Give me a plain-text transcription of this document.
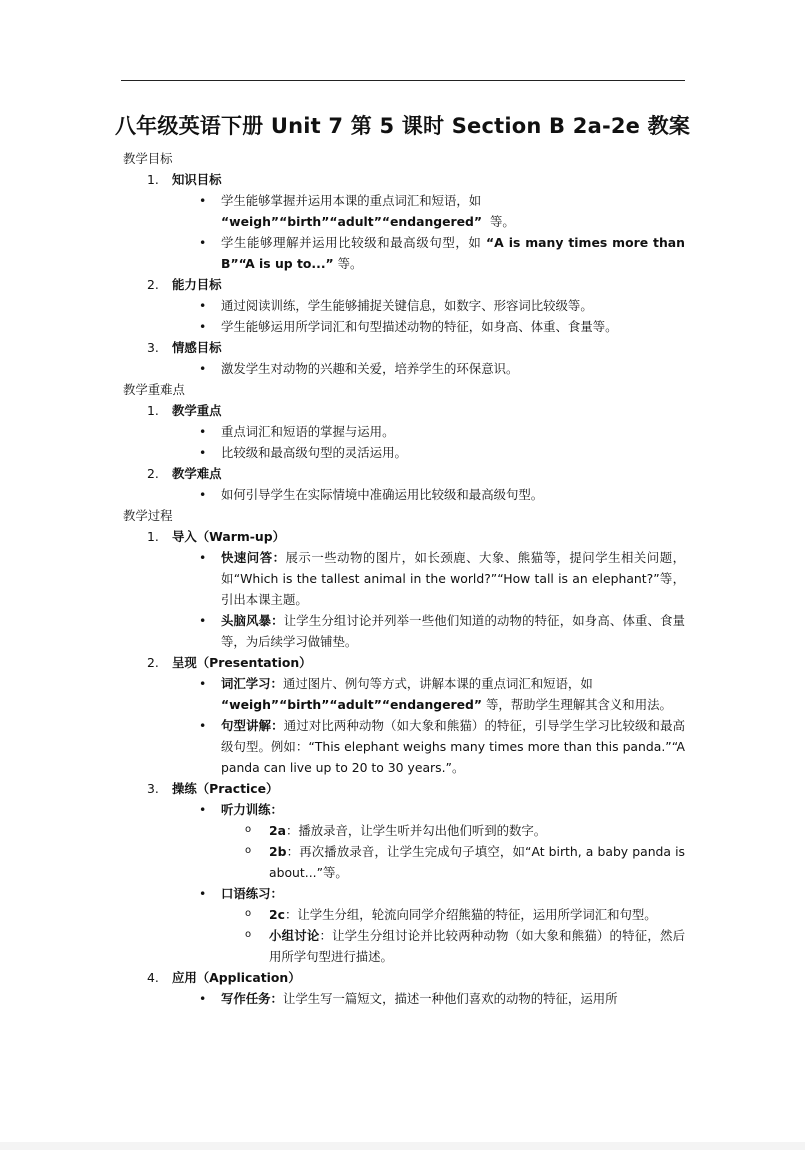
八年级英语下册 Unit 7 第 5 课时 Section B 2a-2e 教案
教学目标
1. 知识目标
• 学生能够掌握并运用本课的重点词汇和短语，如
“weigh”“birth”“adult”“endangered” 等。
• 学生能够理解并运用比较级和最高级句型，如 “A is many times more than B”“A is up to...” 等。
2. 能力目标
• 通过阅读训练，学生能够捕捉关键信息，如数字、形容词比较级等。
• 学生能够运用所学词汇和句型描述动物的特征，如身高、体重、食量等。
3. 情感目标
• 激发学生对动物的兴趣和关爱，培养学生的环保意识。
教学重难点
1. 教学重点
• 重点词汇和短语的掌握与运用。
• 比较级和最高级句型的灵活运用。
2. 教学难点
• 如何引导学生在实际情境中准确运用比较级和最高级句型。
教学过程
1. 导入（Warm-up）
• 快速问答：展示一些动物的图片，如长颈鹿、大象、熊猫等，提问学生相关问题，如“Which is the tallest animal in the world?”“How tall is an elephant?”等，引出本课主题。
• 头脑风暴：让学生分组讨论并列举一些他们知道的动物的特征，如身高、体重、食量等，为后续学习做铺垫。
2. 呈现（Presentation）
• 词汇学习：通过图片、例句等方式，讲解本课的重点词汇和短语，如
“weigh”“birth”“adult”“endangered” 等，帮助学生理解其含义和用法。
• 句型讲解：通过对比两种动物（如大象和熊猫）的特征，引导学生学习比较级和最高级句型。例如：“This elephant weighs many times more than this panda.”“A panda can live up to 20 to 30 years.”。
3. 操练（Practice）
• 听力训练：
o 2a：播放录音，让学生听并勾出他们听到的数字。
o 2b：再次播放录音，让学生完成句子填空，如“At birth, a baby panda is about...”等。
• 口语练习：
o 2c：让学生分组，轮流向同学介绍熊猫的特征，运用所学词汇和句型。
o 小组讨论：让学生分组讨论并比较两种动物（如大象和熊猫）的特征，然后用所学句型进行描述。
4. 应用（Application）
• 写作任务：让学生写一篇短文，描述一种他们喜欢的动物的特征，运用所
